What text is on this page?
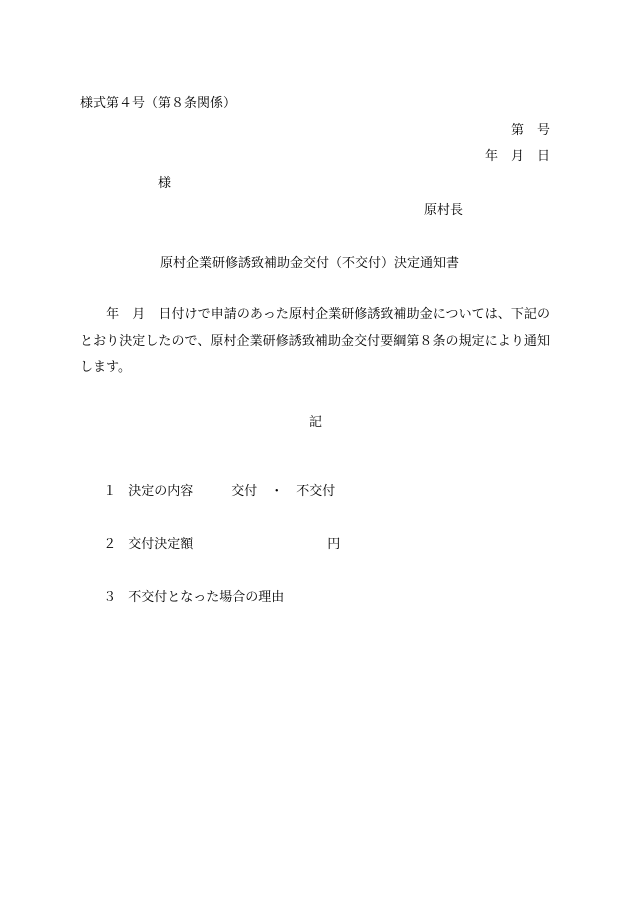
様式第４号（第８条関係）
第　号
年　月　日
様
原村長
原村企業研修誘致補助金交付（不交付）決定通知書
　　年　月　日付けで申請のあった原村企業研修誘致補助金については、下記のとおり決定したので、原村企業研修誘致補助金交付要綱第８条の規定により通知します。
記

１ 決定の内容	交付　・　不交付

２ 交付決定額	円

３ 不交付となった場合の理由
